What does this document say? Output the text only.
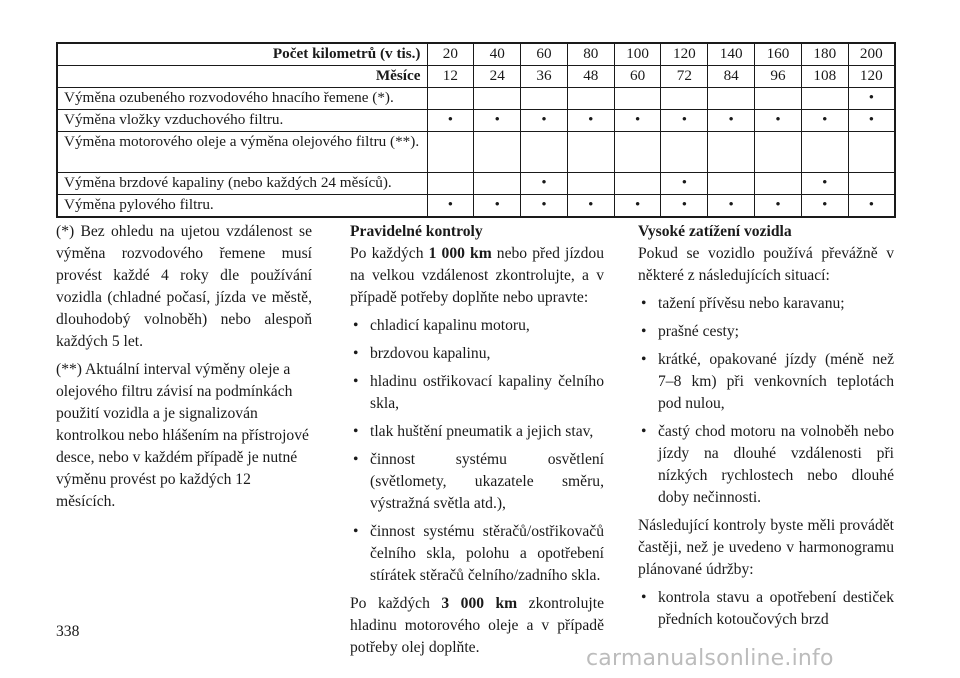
Počet kilometrů (v tis.)	20	40	60	80	100	120	140	160	180	200
Měsíce	12	24	36	48	60	72	84	96	108	120
Výměna ozubeného rozvodového hnacího řemene (*).										•
Výměna vložky vzduchového filtru.	•	•	•	•	•	•	•	•	•	•
Výměna motorového oleje a výměna olejového filtru (**).										
Výměna brzdové kapaliny (nebo každých 24 měsíců).			•			•			•	
Výměna pylového filtru.	•	•	•	•	•	•	•	•	•	•

(*) Bez ohledu na ujetou vzdálenost se výměna rozvodového řemene musí provést každé 4 roky dle používání vozidla (chladné počasí, jízda ve městě, dlouhodobý volnoběh) nebo alespoň každých 5 let.

(**) Aktuální interval výměny oleje a olejového filtru závisí na podmínkách použití vozidla a je signalizován kontrolkou nebo hlášením na přístrojové desce, nebo v každém případě je nutné výměnu provést po každých 12 měsících.

Pravidelné kontroly

Po každých 1 000 km nebo před jízdou na velkou vzdálenost zkontrolujte, a v případě potřeby doplňte nebo upravte:

• chladicí kapalinu motoru,
• brzdovou kapalinu,
• hladinu ostřikovací kapaliny čelního skla,
• tlak huštění pneumatik a jejich stav,
• činnost systému osvětlení (světlomety, ukazatele směru, výstražná světla atd.),
• činnost systému stěračů/ostřikovačů čelního skla, polohu a opotřebení stírátek stěračů čelního/zadního skla.

Po každých 3 000 km zkontrolujte hladinu motorového oleje a v případě potřeby olej doplňte.

Vysoké zatížení vozidla

Pokud se vozidlo používá převážně v některé z následujících situací:

• tažení přívěsu nebo karavanu;
• prašné cesty;
• krátké, opakované jízdy (méně než 7–8 km) při venkovních teplotách pod nulou,
• častý chod motoru na volnoběh nebo jízdy na dlouhé vzdálenosti při nízkých rychlostech nebo dlouhé doby nečinnosti.

Následující kontroly byste měli provádět častěji, než je uvedeno v harmonogramu plánované údržby:

• kontrola stavu a opotřebení destiček předních kotoučových brzd
338
carmanualsonline.info
